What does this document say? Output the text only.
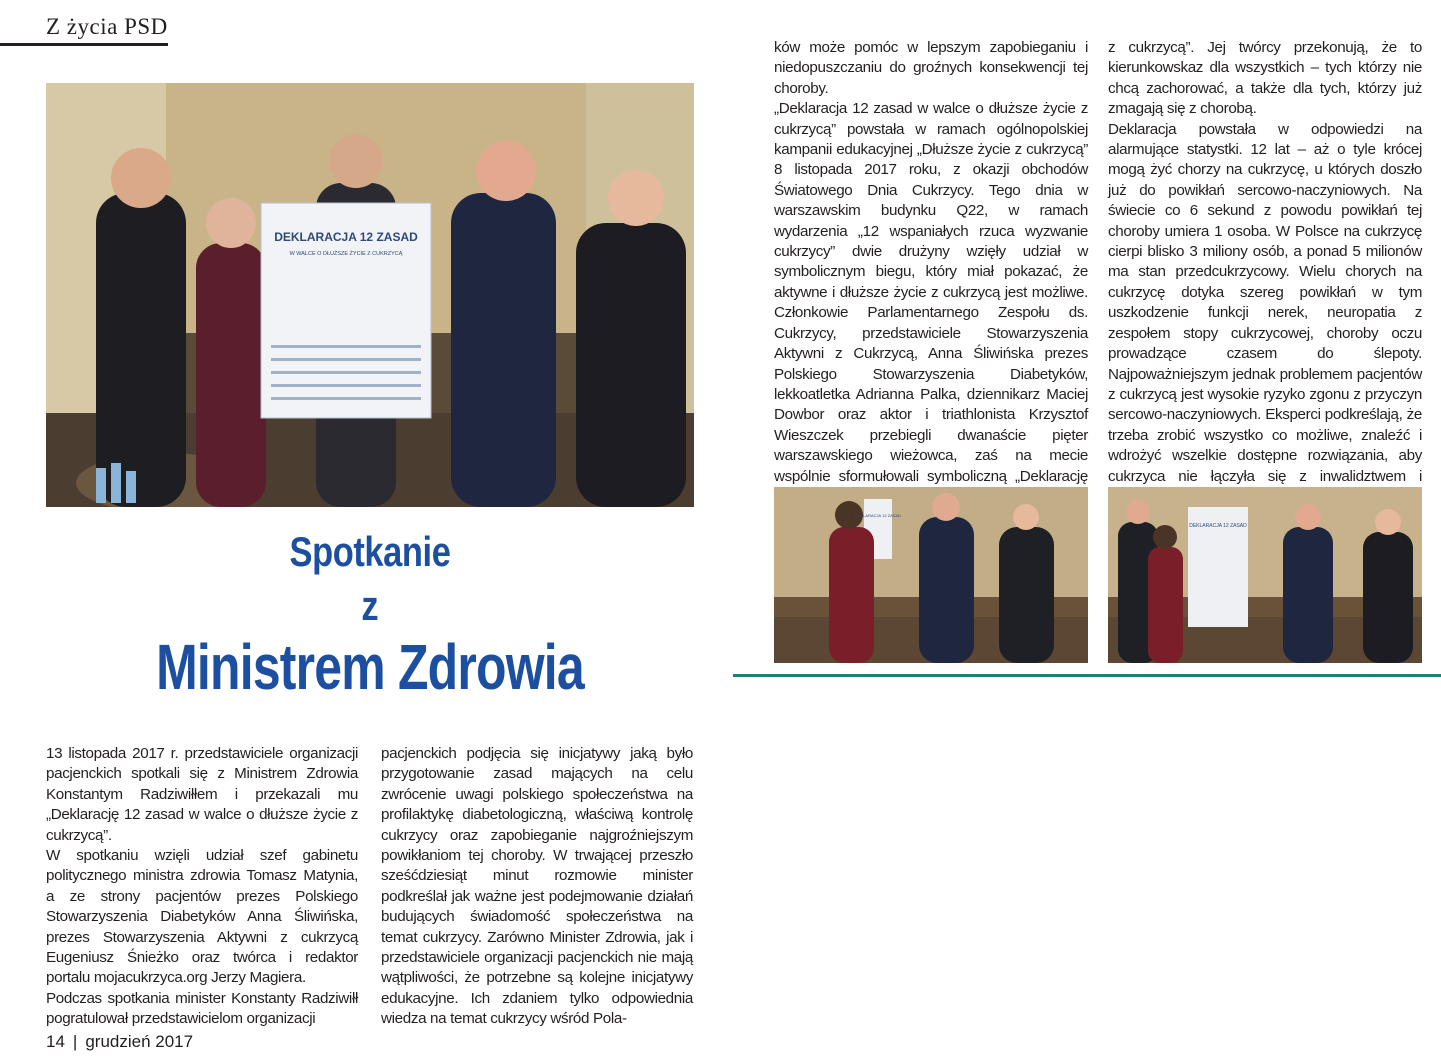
Z życia PSD
DEKLARACJA 12 ZASAD
W WALCE O DŁUŻSZE ŻYCIE Z CUKRZYCĄ
Spotkanie
z
Ministrem Zdrowia

13 listopada 2017 r. przedstawiciele organizacji pacjenckich spotkali się z Ministrem Zdrowia Konstantym Radziwiłłem i przekazali mu „Deklarację 12 zasad w walce o dłuższe życie z cukrzycą”.

W spotkaniu wzięli udział szef gabinetu politycznego ministra zdrowia Tomasz Matynia, a ze strony pacjentów prezes Polskiego Stowarzyszenia Diabetyków Anna Śliwińska, prezes Stowarzyszenia Aktywni z cukrzycą Eugeniusz Śnieżko oraz twórca i redaktor portalu mojacukrzyca.org Jerzy Magiera.

Podczas spotkania minister Konstanty Radziwiłł pogratulował przedstawicielom organizacji

pacjenckich podjęcia się inicjatywy jaką było przygotowanie zasad mających na celu zwrócenie uwagi polskiego społeczeństwa na profilaktykę diabetologiczną, właściwą kontrolę cukrzycy oraz zapobieganie najgroźniejszym powikłaniom tej choroby. W trwającej przeszło sześćdziesiąt minut rozmowie minister podkreślał jak ważne jest podejmowanie działań budujących świadomość społeczeństwa na temat cukrzycy. Zarówno Minister Zdrowia, jak i przedstawiciele organizacji pacjenckich nie mają wątpliwości, że potrzebne są kolejne inicjatywy edukacyjne. Ich zdaniem tylko odpowiednia wiedza na temat cukrzycy wśród Pola-

ków może pomóc w lepszym zapobieganiu i niedopuszczaniu do groźnych konsekwencji tej choroby.

„Deklaracja 12 zasad w walce o dłuższe życie z cukrzycą” powstała w ramach ogólnopolskiej kampanii edukacyjnej „Dłuższe życie z cukrzycą” 8 listopada 2017 roku, z okazji obchodów Światowego Dnia Cukrzycy. Tego dnia w warszawskim budynku Q22, w ramach wydarzenia „12 wspaniałych rzuca wyzwanie cukrzycy” dwie drużyny wzięły udział w symbolicznym biegu, który miał pokazać, że aktywne i dłuższe życie z cukrzycą jest możliwe. Członkowie Parlamentarnego Zespołu ds. Cukrzycy, przedstawiciele Stowarzyszenia Aktywni z Cukrzycą, Anna Śliwińska prezes Polskiego Stowarzyszenia Diabetyków, lekkoatletka Adrianna Palka, dziennikarz Maciej Dowbor oraz aktor i triathlonista Krzysztof Wieszczek przebiegli dwanaście pięter warszawskiego wieżowca, zaś na mecie wspólnie sformułowali symboliczną „Deklarację

z cukrzycą”. Jej twórcy przekonują, że to kierunkowskaz dla wszystkich – tych którzy nie chcą zachorować, a także dla tych, którzy już zmagają się z chorobą.

Deklaracja powstała w odpowiedzi na alarmujące statystki. 12 lat – aż o tyle krócej mogą żyć chorzy na cukrzycę, u których doszło już do powikłań sercowo-naczyniowych. Na świecie co 6 sekund z powodu powikłań tej choroby umiera 1 osoba. W Polsce na cukrzycę cierpi blisko 3 miliony osób, a ponad 5 milionów ma stan przedcukrzycowy. Wielu chorych na cukrzycę dotyka szereg powikłań w tym uszkodzenie funkcji nerek, neuropatia z zespołem stopy cukrzycowej, choroby oczu prowadzące czasem do ślepoty. Najpoważniejszym jednak problemem pacjentów z cukrzycą jest wysokie ryzyko zgonu z przyczyn sercowo-naczyniowych. Eksperci podkreślają, że trzeba zrobić wszystko co możliwe, znaleźć i wdrożyć wszelkie dostępne rozwiązania, aby cukrzyca nie łączyła się z inwalidztwem i

DEKLARACJA 12 ZASAD
DEKLARACJA 12 ZASAD
14 | grudzień 2017
